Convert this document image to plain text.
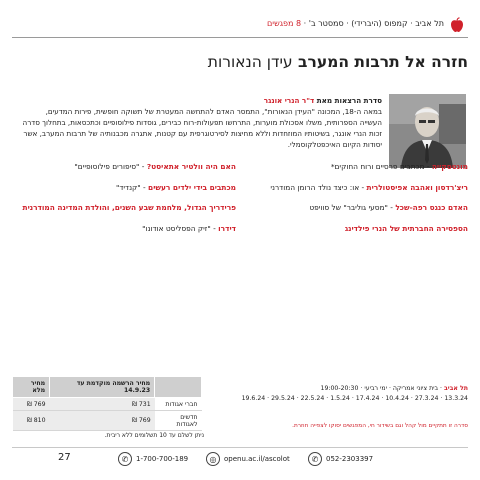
תל אביב · קמפוס (היברידי) · סמסטר ב' · 8 מפגשים
חזרה אל תרבות המערב עידן הנאורות
סדרת הרצאות מאת ד"ר הנרי אונגר
במאה ה-18, המכונה "העידן הנאורות", התמסר האדם להתחשה המעטרת של תשוקה חופשית, פירות המדעים, העשייה הספרותית, משלו אסכולת מוערות, התרחשו תפעולות-רוח כבירים, גוסדות פילוסופיים וכתכסאות, בתחלוך סדרה זכות הנרי אונגר, בשיטותיו המוזחדות וללא מחיצות לסירטוגרפית עם קטנות, אתגרה מכבנותיה של תרבות המערב, אשר יסודות הקיום האיכפטלקוסמלי.
מונטסקייה - מכתבים פרסיים ורוח החוקים*
ריצ'רדסון ואהבה אפיסטולרית - או: כיצד נולד הרומן המודרני
האדם כנגס רפה-שכל - "מסעי גוליבר" של סוויפט
הספסירה החברתית של הנרי פילדינג
האם היה וולטיר אתאיסט? - "סיפורים פילוסופיים"
מכתבים בידי ילדים רעשים - "קנדיד"
פרידריך הגדול, מלחמת שבע השנים, והולדת המדינה המודרנית
דידרו - "זיק הפסליסט אודונו"
	מחיר הרשמה מוקדמת עד 14.9.23	מחיר מלא
חברי אגודות	731 ₪	769 ₪
חדשים לאגודות	769 ₪	810 ₪
ניתן לשלם עד 10 תשלומים ללא ריבית.
תל אביב · בית ציוני אמריקה · ימי רביעי · 19:00-20:30
13.3.24 · 27.3.24 · 10.4.24 · 17.4.24 · 1.5.24 · 22.5.24 · 29.5.24 · 19.6.24
סדרה זו תתקיים מול קהל וגם בשידור חי, המפגשים יסוקו לצפייה חוזרת.
27	✆	1-700-700-189	◎	openu.ac.il/ascolot	✆	052-2303397
